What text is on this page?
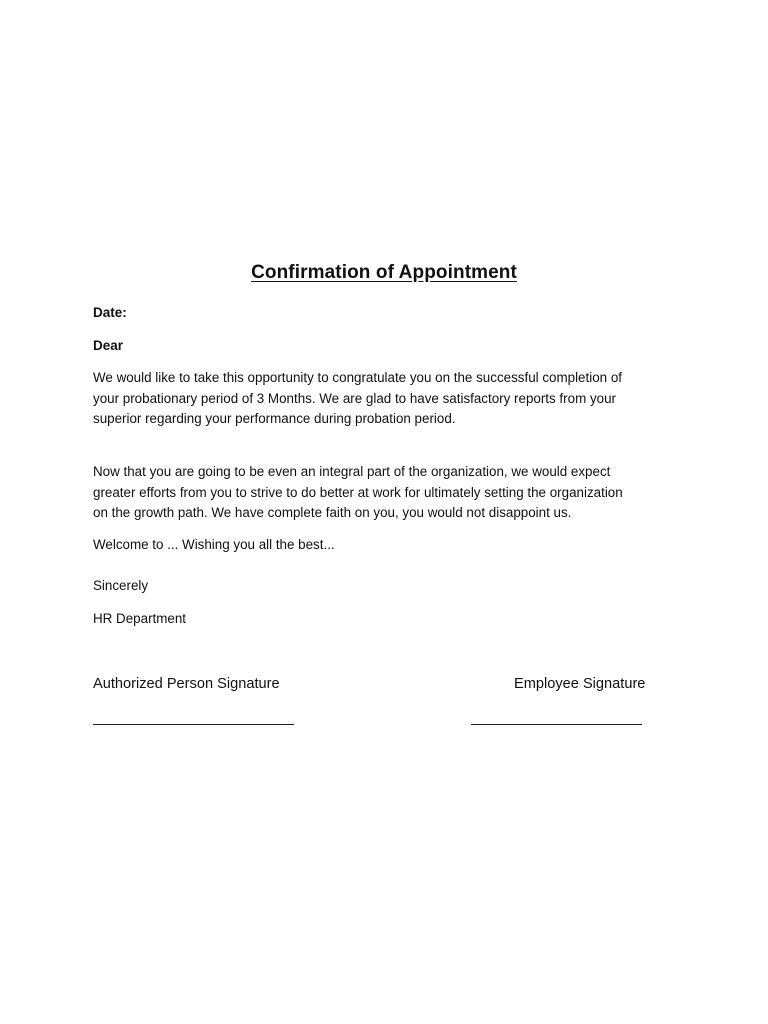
Confirmation of Appointment
Date:
Dear
We would like to take this opportunity to congratulate you on the successful completion of
your probationary period of 3 Months. We are glad to have satisfactory reports from your
superior regarding your performance during probation period.
Now that you are going to be even an integral part of the organization, we would expect
greater efforts from you to strive to do better at work for ultimately setting the organization
on the growth path. We have complete faith on you, you would not disappoint us.
Welcome to ... Wishing you all the best...
Sincerely
HR Department
Authorized Person Signature	Employee Signature
